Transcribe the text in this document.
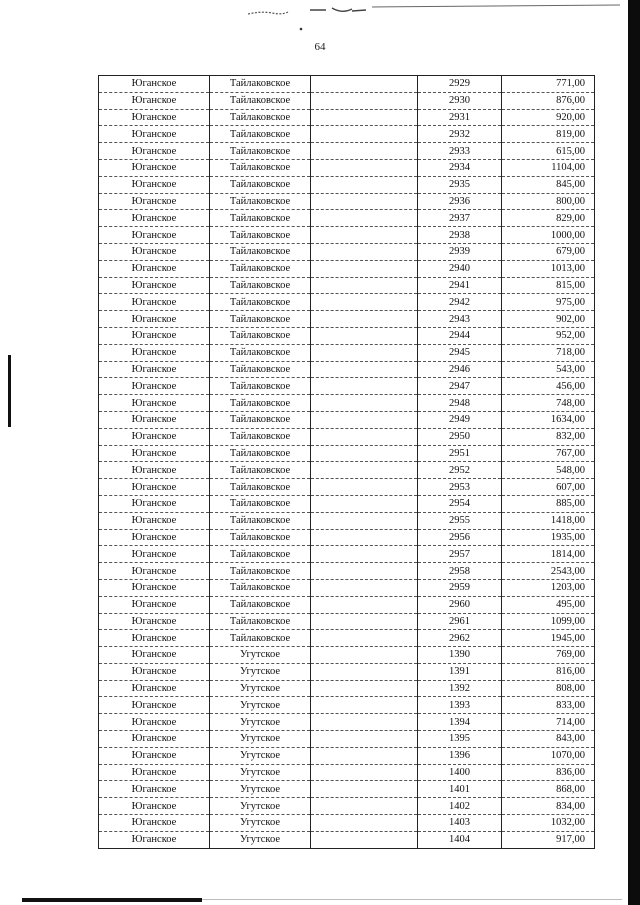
64
Юганское	Тайлаковское		2929	771,00
Юганское	Тайлаковское		2930	876,00
Юганское	Тайлаковское		2931	920,00
Юганское	Тайлаковское		2932	819,00
Юганское	Тайлаковское		2933	615,00
Юганское	Тайлаковское		2934	1104,00
Юганское	Тайлаковское		2935	845,00
Юганское	Тайлаковское		2936	800,00
Юганское	Тайлаковское		2937	829,00
Юганское	Тайлаковское		2938	1000,00
Юганское	Тайлаковское		2939	679,00
Юганское	Тайлаковское		2940	1013,00
Юганское	Тайлаковское		2941	815,00
Юганское	Тайлаковское		2942	975,00
Юганское	Тайлаковское		2943	902,00
Юганское	Тайлаковское		2944	952,00
Юганское	Тайлаковское		2945	718,00
Юганское	Тайлаковское		2946	543,00
Юганское	Тайлаковское		2947	456,00
Юганское	Тайлаковское		2948	748,00
Юганское	Тайлаковское		2949	1634,00
Юганское	Тайлаковское		2950	832,00
Юганское	Тайлаковское		2951	767,00
Юганское	Тайлаковское		2952	548,00
Юганское	Тайлаковское		2953	607,00
Юганское	Тайлаковское		2954	885,00
Юганское	Тайлаковское		2955	1418,00
Юганское	Тайлаковское		2956	1935,00
Юганское	Тайлаковское		2957	1814,00
Юганское	Тайлаковское		2958	2543,00
Юганское	Тайлаковское		2959	1203,00
Юганское	Тайлаковское		2960	495,00
Юганское	Тайлаковское		2961	1099,00
Юганское	Тайлаковское		2962	1945,00
Юганское	Угутское		1390	769,00
Юганское	Угутское		1391	816,00
Юганское	Угутское		1392	808,00
Юганское	Угутское		1393	833,00
Юганское	Угутское		1394	714,00
Юганское	Угутское		1395	843,00
Юганское	Угутское		1396	1070,00
Юганское	Угутское		1400	836,00
Юганское	Угутское		1401	868,00
Юганское	Угутское		1402	834,00
Юганское	Угутское		1403	1032,00
Юганское	Угутское		1404	917,00
